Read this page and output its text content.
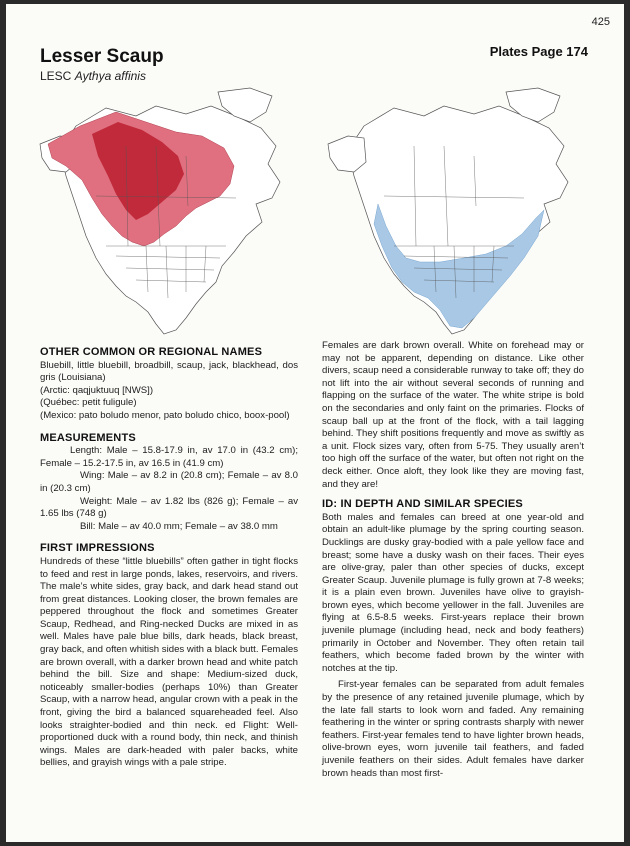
425
Lesser Scaup
LESC Aythya affinis
Plates Page 174
OTHER COMMON OR REGIONAL NAMES

Bluebill, little bluebill, broadbill, scaup, jack, blackhead, dos gris (Louisiana)

(Arctic: qaqjuktuuq [NWS])

(Québec: petit fuligule)

(Mexico: pato boludo menor, pato boludo chico, boox-pool)

MEASUREMENTS

Length: Male – 15.8-17.9 in, av 17.0 in (43.2 cm); Female – 15.2-17.5 in, av 16.5 in (41.9 cm)

Wing: Male – av 8.2 in (20.8 cm); Female – av 8.0 in (20.3 cm)

Weight: Male – av 1.82 lbs (826 g); Female – av 1.65 lbs (748 g)

Bill: Male – av 40.0 mm; Female – av 38.0 mm

FIRST IMPRESSIONS

Hundreds of these “little bluebills” often gather in tight flocks to feed and rest in large ponds, lakes, reservoirs, and rivers. The male’s white sides, gray back, and dark head stand out from great distances. Looking closer, the brown females are peppered throughout the flock and sometimes Greater Scaup, Redhead, and Ring-necked Ducks are mixed in as well. Males have pale blue bills, dark heads, black breast, gray back, and often whitish sides with a black butt. Females are brown overall, with a darker brown head and white patch behind the bill. Size and shape: Medium-sized duck, noticeably smaller-bodies (perhaps 10%) than Greater Scaup, with a narrow head, angular crown with a peak in the front, giving the bird a balanced squareheaded feel. Also looks straighter-bodied and thin neck. ed Flight: Well-proportioned duck with a round body, thin neck, and thinish wings. Males are dark-headed with paler backs, white bellies, and grayish wings with a pale stripe.

Females are dark brown overall. White on forehead may or may not be apparent, depending on distance. Like other divers, scaup need a considerable runway to take off; they do not lift into the air without several seconds of running and flapping on the surface of the water. The white stripe is bold on the secondaries and only faint on the primaries. Flocks of scaup ball up at the front of the flock, with a tail lagging behind. They shift positions frequently and move as swiftly as a unit. Flock sizes vary, often from 5-75. They usually aren’t too high off the surface of the water, but often not right on the deck either. Once aloft, they look like they are moving fast, and they are!

ID: IN DEPTH AND SIMILAR SPECIES

Both males and females can breed at one year-old and obtain an adult-like plumage by the spring courting season. Ducklings are dusky gray-bodied with a pale yellow face and breast; some have a dusky wash on their faces. Their eyes are olive-gray, paler than other species of ducks, except Greater Scaup. Juvenile plumage is fully grown at 7-8 weeks; it is a plain even brown. Juveniles have olive to grayish-brown eyes, which become yellower in the fall. Juveniles are flying at 6.5-8.5 weeks. First-years replace their brown juvenile plumage (including head, neck and body feathers) primarily in October and November. They often retain tail feathers, which become faded brown by the winter with notches at the tip.

First-year females can be separated from adult females by the presence of any retained juvenile plumage, which by the late fall starts to look worn and faded. Any remaining feathering in the winter or spring contrasts sharply with newer feathers. First-year females tend to have lighter brown heads, olive-brown eyes, worn juvenile tail feathers, and faded juvenile feathers on their sides. Adult females have darker brown heads than most first-
